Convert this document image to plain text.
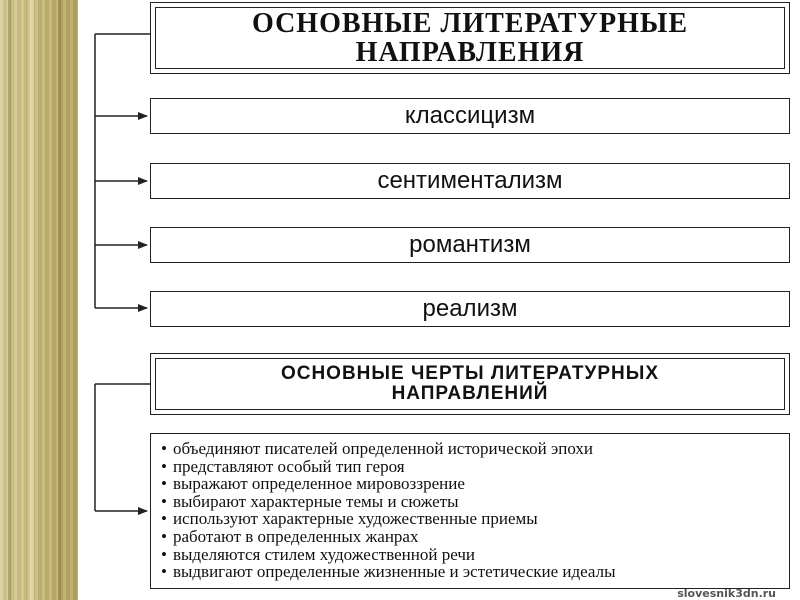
ОСНОВНЫЕ ЛИТЕРАТУРНЫЕ
НАПРАВЛЕНИЯ
классицизм
сентиментализм
романтизм
реализм
ОСНОВНЫЕ ЧЕРТЫ ЛИТЕРАТУРНЫХ
НАПРАВЛЕНИЙ
• объединяют писателей определенной исторической эпохи
• представляют особый тип героя
• выражают определенное мировоззрение
• выбирают характерные темы и сюжеты
• используют характерные художественные приемы
• работают в определенных жанрах
• выделяются стилем художественной речи
• выдвигают определенные жизненные и эстетические идеалы
slovesnik3dn.ru
